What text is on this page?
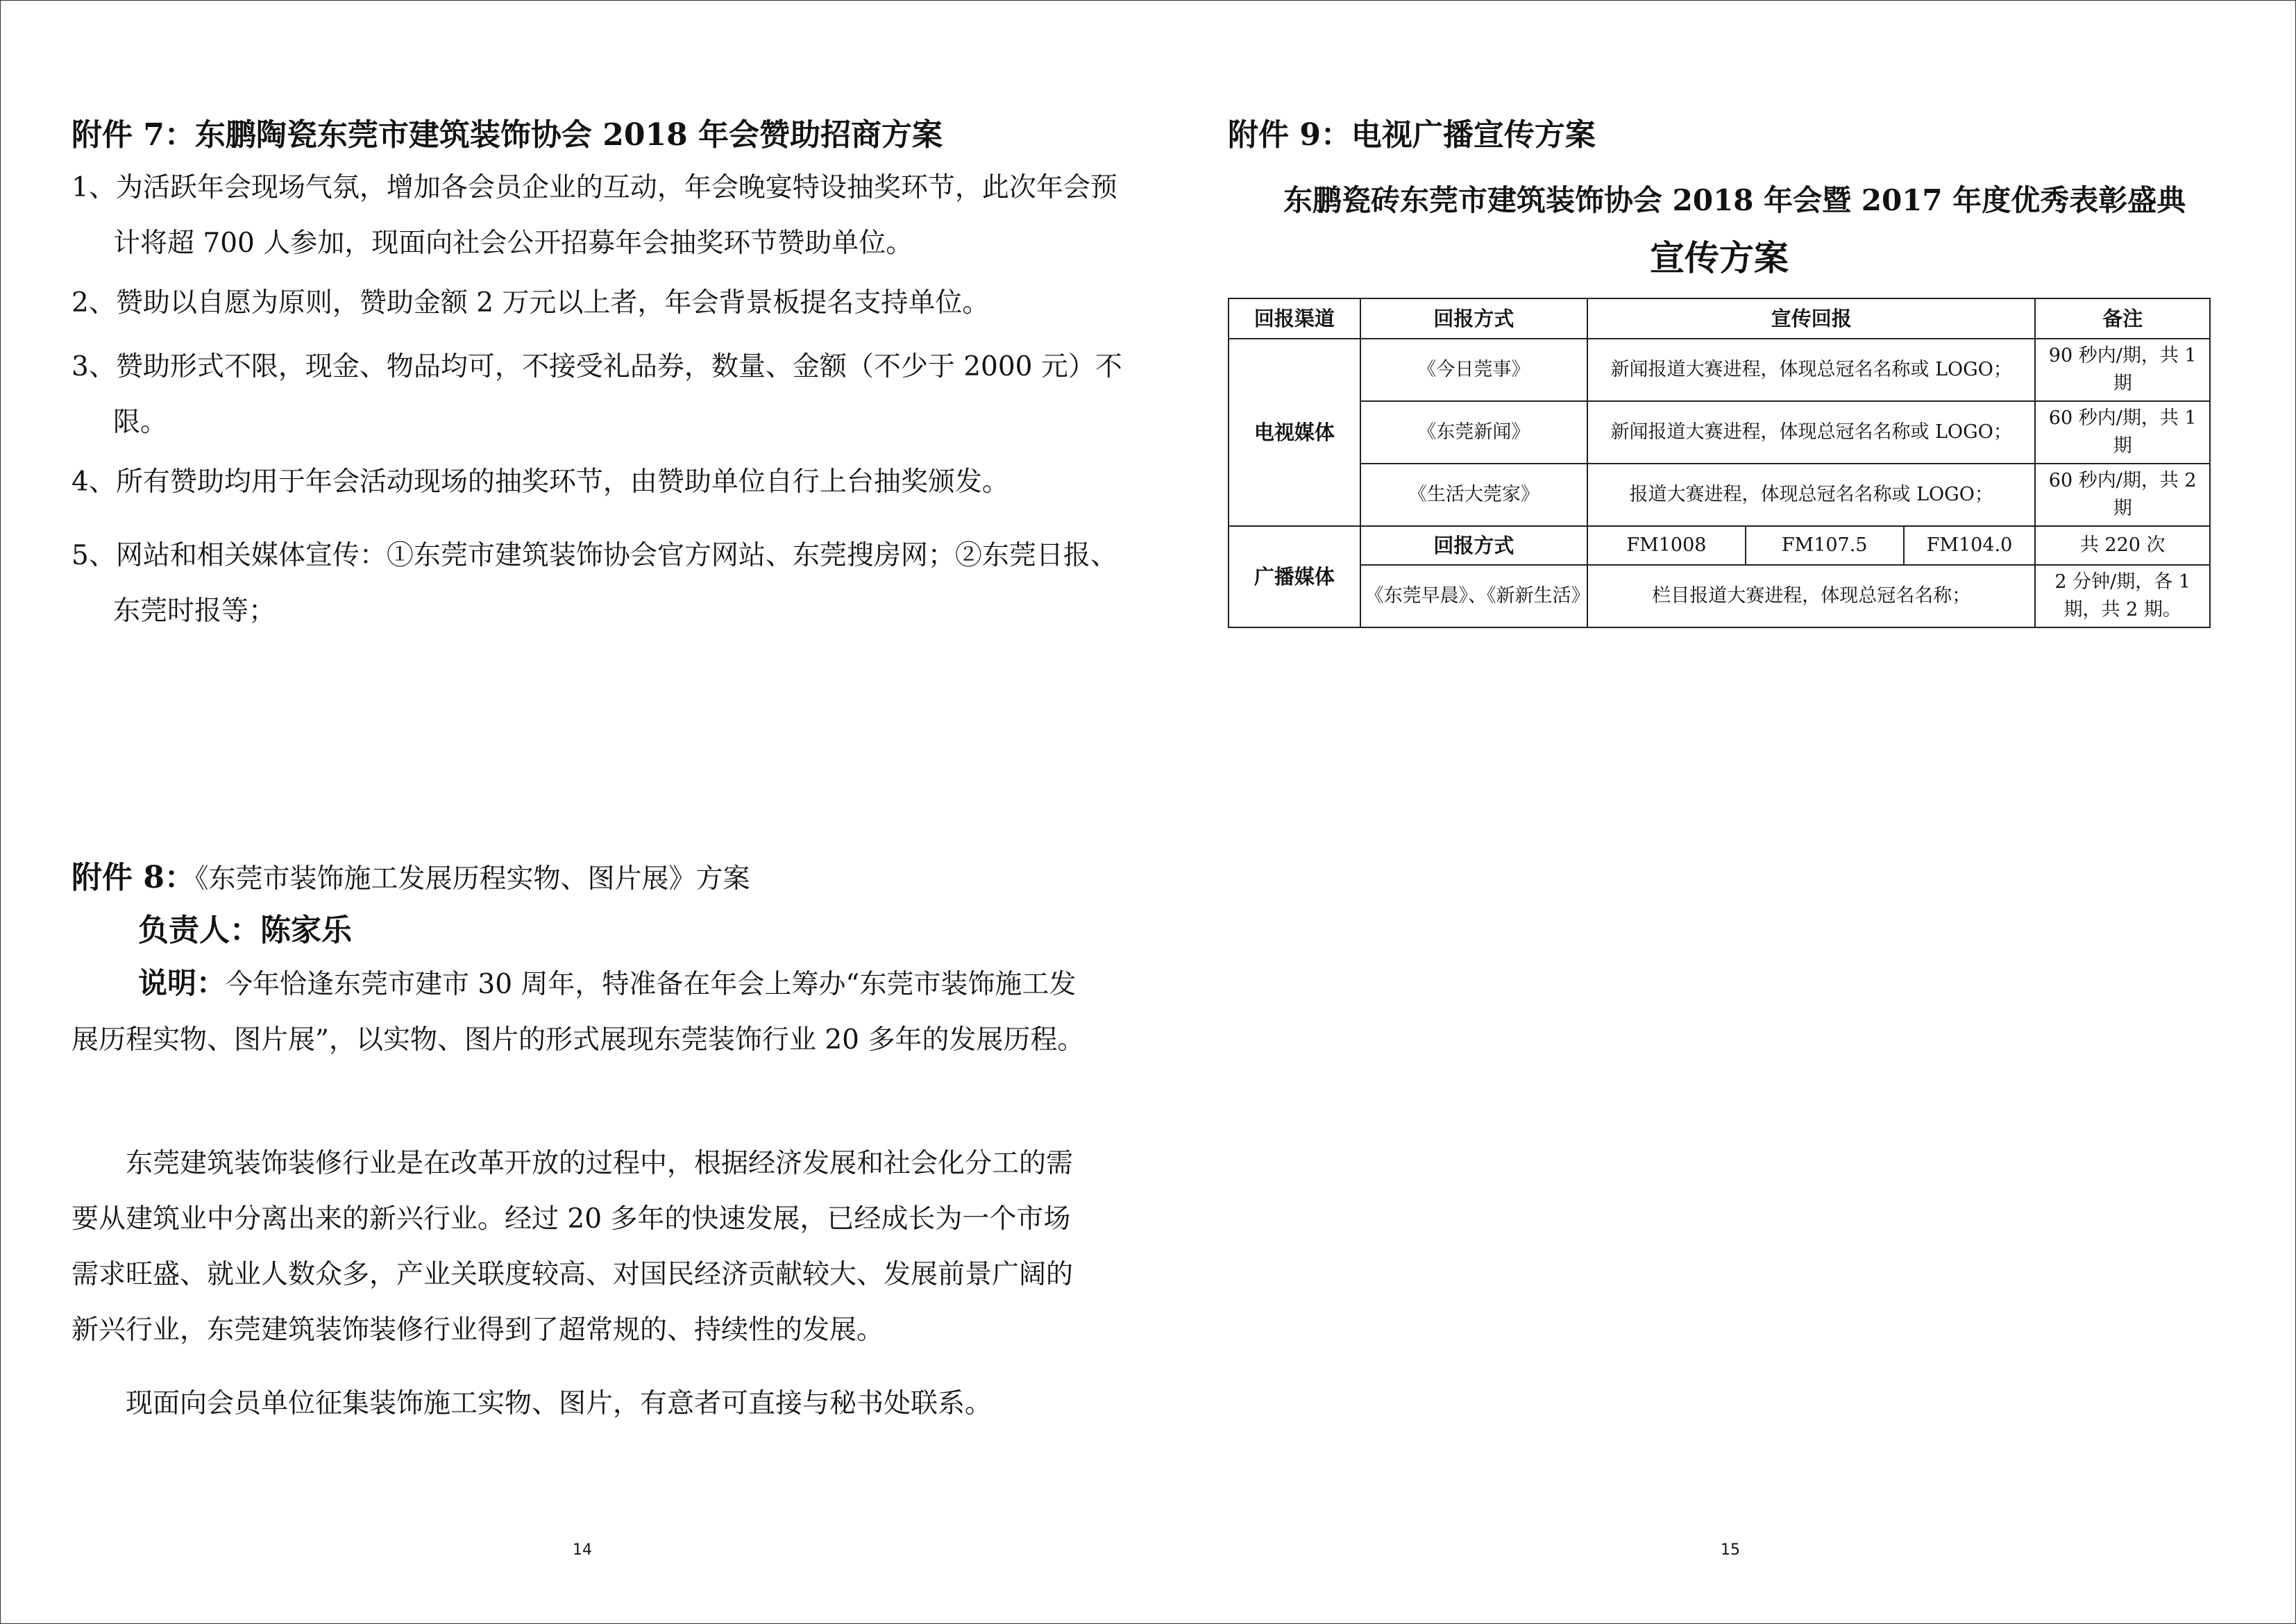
附件 7：东鹏陶瓷东莞市建筑装饰协会 2018 年会赞助招商方案

1、为活跃年会现场气氛，增加各会员企业的互动，年会晚宴特设抽奖环节，此次年会预计将超 700 人参加，现面向社会公开招募年会抽奖环节赞助单位。

2、赞助以自愿为原则，赞助金额 2 万元以上者，年会背景板提名支持单位。

3、赞助形式不限，现金、物品均可，不接受礼品券，数量、金额（不少于 2000 元）不限。

4、所有赞助均用于年会活动现场的抽奖环节，由赞助单位自行上台抽奖颁发。

5、网站和相关媒体宣传：①东莞市建筑装饰协会官方网站、东莞搜房网；②东莞日报、东莞时报等；

附件 8：《东莞市装饰施工发展历程实物、图片展》方案
负责人：陈家乐

说明：今年恰逢东莞市建市 30 周年，特准备在年会上筹办“东莞市装饰施工发展历程实物、图片展”，以实物、图片的形式展现东莞装饰行业 20 多年的发展历程。

东莞建筑装饰装修行业是在改革开放的过程中，根据经济发展和社会化分工的需要从建筑业中分离出来的新兴行业。经过 20 多年的快速发展，已经成长为一个市场需求旺盛、就业人数众多，产业关联度较高、对国民经济贡献较大、发展前景广阔的新兴行业，东莞建筑装饰装修行业得到了超常规的、持续性的发展。

现面向会员单位征集装饰施工实物、图片，有意者可直接与秘书处联系。

14
附件 9：电视广播宣传方案
东鹏瓷砖东莞市建筑装饰协会 2018 年会暨 2017 年度优秀表彰盛典
宣传方案
回报渠道	回报方式	宣传回报			备注
电视媒体	《今日莞事》	新闻报道大赛进程，体现总冠名名称或 LOGO；			90 秒内/期，共 1 期
	《东莞新闻》	新闻报道大赛进程，体现总冠名名称或 LOGO；			60 秒内/期，共 1 期
	《生活大莞家》	报道大赛进程，体现总冠名名称或 LOGO；			60 秒内/期，共 2 期
广播媒体	回报方式	FM1008	FM107.5	FM104.0	共 220 次
	《东莞早晨》、《新新生活》	栏目报道大赛进程，体现总冠名名称；			2 分钟/期，各 1 期，共 2 期。
15
